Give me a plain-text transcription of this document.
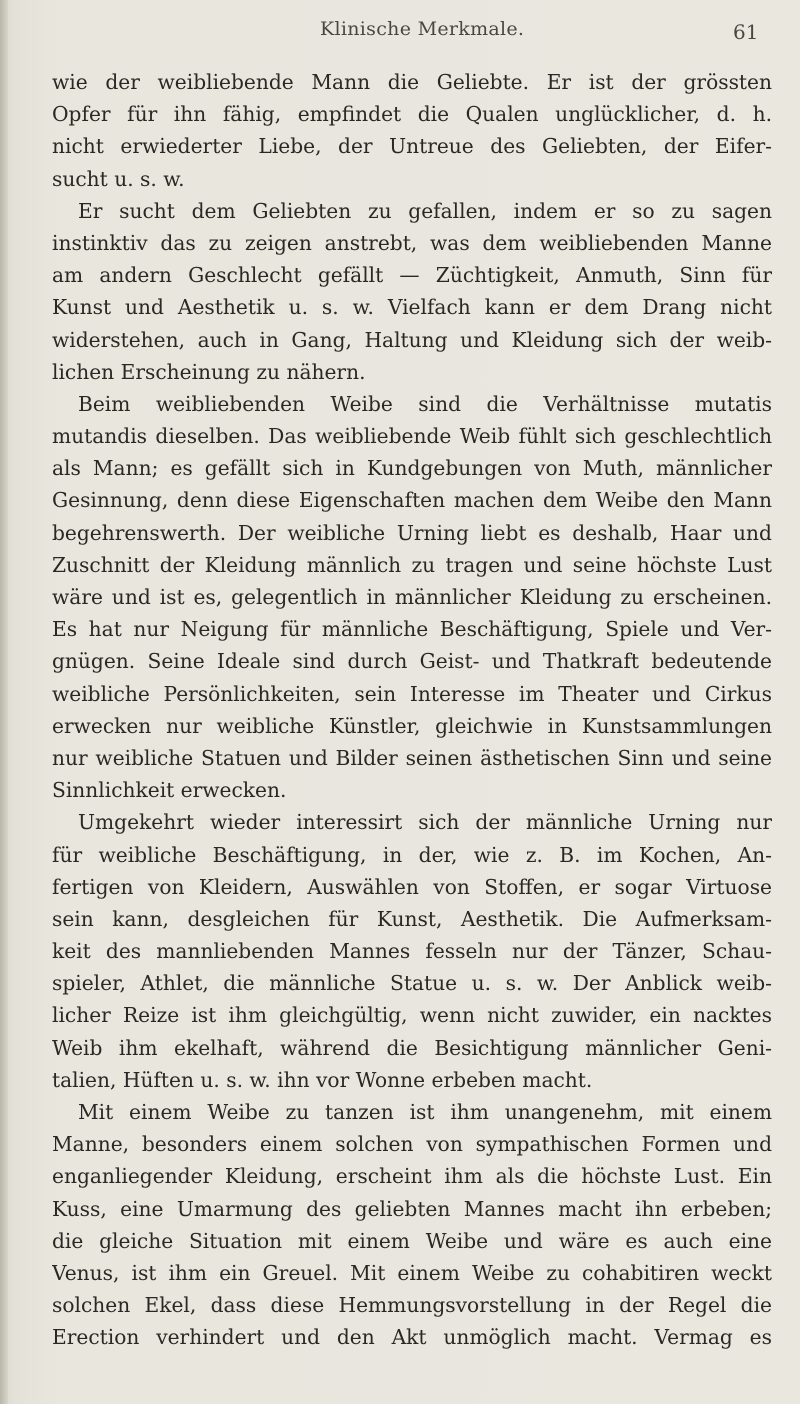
Klinische Merkmale.	61
wie der weibliebende Mann die Geliebte. Er ist der grössten
Opfer für ihn fähig, empfindet die Qualen unglücklicher, d. h.
nicht erwiederter Liebe, der Untreue des Geliebten, der Eifer-
sucht u. s. w.
Er sucht dem Geliebten zu gefallen, indem er so zu sagen
instinktiv das zu zeigen anstrebt, was dem weibliebenden Manne
am andern Geschlecht gefällt — Züchtigkeit, Anmuth, Sinn für
Kunst und Aesthetik u. s. w. Vielfach kann er dem Drang nicht
widerstehen, auch in Gang, Haltung und Kleidung sich der weib-
lichen Erscheinung zu nähern.
Beim weibliebenden Weibe sind die Verhältnisse mutatis
mutandis dieselben. Das weibliebende Weib fühlt sich geschlechtlich
als Mann; es gefällt sich in Kundgebungen von Muth, männlicher
Gesinnung, denn diese Eigenschaften machen dem Weibe den Mann
begehrenswerth. Der weibliche Urning liebt es deshalb, Haar und
Zuschnitt der Kleidung männlich zu tragen und seine höchste Lust
wäre und ist es, gelegentlich in männlicher Kleidung zu erscheinen.
Es hat nur Neigung für männliche Beschäftigung, Spiele und Ver-
gnügen. Seine Ideale sind durch Geist- und Thatkraft bedeutende
weibliche Persönlichkeiten, sein Interesse im Theater und Cirkus
erwecken nur weibliche Künstler, gleichwie in Kunstsammlungen
nur weibliche Statuen und Bilder seinen ästhetischen Sinn und seine
Sinnlichkeit erwecken.
Umgekehrt wieder interessirt sich der männliche Urning nur
für weibliche Beschäftigung, in der, wie z. B. im Kochen, An-
fertigen von Kleidern, Auswählen von Stoffen, er sogar Virtuose
sein kann, desgleichen für Kunst, Aesthetik. Die Aufmerksam-
keit des mannliebenden Mannes fesseln nur der Tänzer, Schau-
spieler, Athlet, die männliche Statue u. s. w. Der Anblick weib-
licher Reize ist ihm gleichgültig, wenn nicht zuwider, ein nacktes
Weib ihm ekelhaft, während die Besichtigung männlicher Geni-
talien, Hüften u. s. w. ihn vor Wonne erbeben macht.
Mit einem Weibe zu tanzen ist ihm unangenehm, mit einem
Manne, besonders einem solchen von sympathischen Formen und
enganliegender Kleidung, erscheint ihm als die höchste Lust. Ein
Kuss, eine Umarmung des geliebten Mannes macht ihn erbeben;
die gleiche Situation mit einem Weibe und wäre es auch eine
Venus, ist ihm ein Greuel. Mit einem Weibe zu cohabitiren weckt
solchen Ekel, dass diese Hemmungsvorstellung in der Regel die
Erection verhindert und den Akt unmöglich macht. Vermag es
